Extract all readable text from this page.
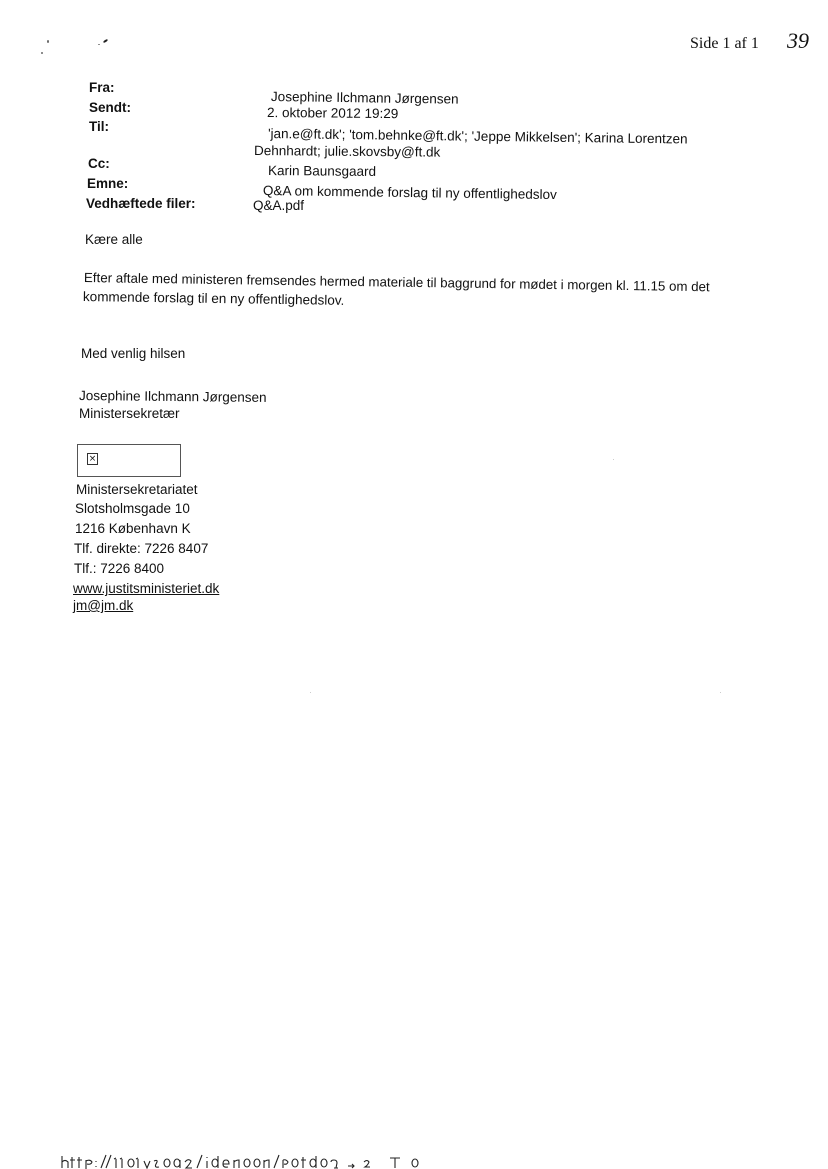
Side 1 af 1 39
Fra:
Sendt:
Til:
Cc:
Emne:
Vedhæftede filer:
Josephine Ilchmann Jørgensen
2. oktober 2012 19:29
'jan.e@ft.dk'; 'tom.behnke@ft.dk'; 'Jeppe Mikkelsen'; Karina Lorentzen
Dehnhardt; julie.skovsby@ft.dk
Karin Baunsgaard
Q&A om kommende forslag til ny offentlighedslov
Q&A.pdf
Kære alle
Efter aftale med ministeren fremsendes hermed materiale til baggrund for mødet i morgen kl. 11.15 om det
kommende forslag til en ny offentlighedslov.
Med venlig hilsen
Josephine Ilchmann Jørgensen
Ministersekretær
×
Ministersekretariatet
Slotsholmsgade 10
1216 København K
Tlf. direkte: 7226 8407
Tlf.: 7226 8400
www.justitsministeriet.dk
jm@jm.dk
